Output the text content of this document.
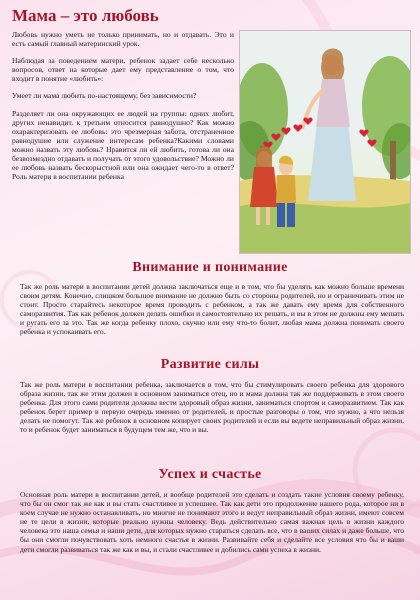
Мама – это любовь

Любовь нужно уметь не только принимать, но и отдавать. Это и есть самый главный материнский урок.

Наблюдая за поведением матери, ребенок задает себе несколько вопросов, ответ на которые дает ему представление о том, что входит в понятие «любить»:

Умеет ли мама любить по-настоящему, без зависимости?

Разделяет ли она окружающих ее людей на группы: одних любит, других ненавидит, к третьим относится равнодушно? Как можно охарактеризовать ее любовь: это чрезмерная забота, отстраненное равнодушие или служение интересам ребенка?Какими словами можно назвать эту любовь? Нравится ли ей любить, готова ли она безвозмездно отдавать и получать от этого удовольствие? Можно ли ее любовь назвать бескорыстной или она ожидает чего-то в ответ?Роль матери в воспитании ребенка

Внимание и понимание

Так же роль матери в воспитании детей должна заключаться еще и в том, что бы уделять как можно больше времени своим детям. Конечно, слишком большое внимание не должно быть со стороны родителей, но и ограничивать этим не стоит. Просто старайтесь некоторое время проводить с ребенком, а так же давать ему время для собственного саморазвития. Так как ребенок должен делать ошибки и самостоятельно их решать, и вы в этом не должны ему мешать и ругать его за это. Так же когда ребенку плохо, скучно или ему что-то болит, любая мама должна понимать своего ребенка и успокаивать его.

Развитие силы

Так же роль матери в воспитании ребенка, заключается в том, что бы стимулировать своего ребенка для здорового образа жизни, так же этим должен в основном заниматься отец, но и мама должна так же поддерживать в этом своего ребенка. Для этого сами родители должны вести здоровый образ жизни, заниматься спортом и саморазвитием. Так как ребенок берет пример в первую очередь именно от родителей, и простые разговоры о том, что нужно, а что нельзя делать не помогут. Так же ребенок в основном копирует своих родителей и если вы ведете неправильный образ жизни, то и ребенок будет заниматься в будущем тем же, что и вы.

Успех и счастье

Основная роль матери в воспитании детей, и вообще родителей это сделать и создать такие условия своему ребенку, что бы он смог так же как и вы стать счастливее и успешнее. Так как дети это продолжение нашего рода, которое ни в коем случае не нужно останавливать, но многие не понимают этого и ведут неправильный образ жизни, имеют совсем не те цели в жизни, которые реально нужны человеку. Ведь действительно самая важная цель в жизни каждого человека это наша семья и наши дети, для которых нужно стараться сделать все, что в ваших силах и даже больше, что бы они смогли почувствовать хоть немного счастья в жизни. Развивайте себя и сделайте все условия что бы и ваши дети смогли развиваться так же как и вы, и стали счастливее и добились сами успеха в жизни.
